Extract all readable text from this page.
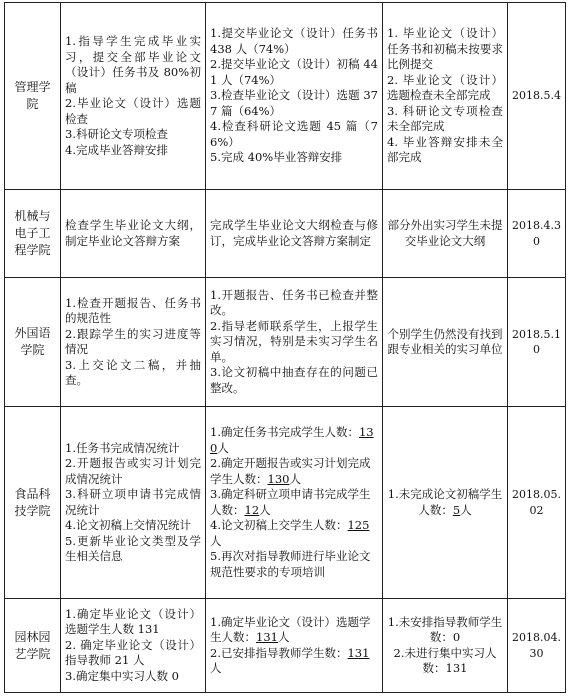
管理学院	1.指导学生完成毕业实习，提交全部毕业论文（设计）任务书及 80%初稿
2.毕业论文（设计）选题检查
3.科研论文专项检查
4.完成毕业答辩安排	1.提交毕业论文（设计）任务书 438 人（74%）
2.提交毕业论文（设计）初稿 441 人（74%）
3.检查毕业论文（设计）选题 377 篇（64%）
4.检查科研论文选题 45 篇（76%）
5.完成 40%毕业答辩安排	1. 毕业论文（设计）任务书和初稿未按要求比例提交
2. 毕业论文（设计）选题检查未全部完成
3. 科研论文专项检查未全部完成
4. 毕业答辩安排未全部完成	2018.5.4
机械与电子工程学院	检查学生毕业论文大纲，制定毕业论文答辩方案	完成学生毕业论文大纲检查与修订，完成毕业论文答辩方案制定	部分外出实习学生未提交毕业论文大纲	2018.4.30
外国语学院	1.检查开题报告、任务书的规范性
2.跟踪学生的实习进度等情况
3.上交论文二稿，并抽查。	1.开题报告、任务书已检查并整改。
2.指导老师联系学生，上报学生实习情况，特别是未实习学生名单。
3.论文初稿中抽查存在的问题已整改。	个别学生仍然没有找到跟专业相关的实习单位	2018.5.10
食品科技学院	1.任务书完成情况统计
2.开题报告或实习计划完成情况统计
3.科研立项申请书完成情况统计
4.论文初稿上交情况统计
5.更新毕业论文类型及学生相关信息	1.确定任务书完成学生人数：130人
2.确定开题报告或实习计划完成学生人数：130人
3.确定科研立项申请书完成学生人数：12人
4.论文初稿上交学生人数：125人
5.再次对指导教师进行毕业论文规范性要求的专项培训	1.未完成论文初稿学生人数：5人	2018.05.02
园林园艺学院	1.确定毕业论文（设计）选题学生人数 131
2. 确定毕业论文（设计）指导教师 21 人
3.确定集中实习人数 0	1.确定毕业论文（设计）选题学生人数：131人
2.已安排指导教师学生数：131人	1.未安排指导教师学生数：0
2.未进行集中实习人数：131	2018.04.30
